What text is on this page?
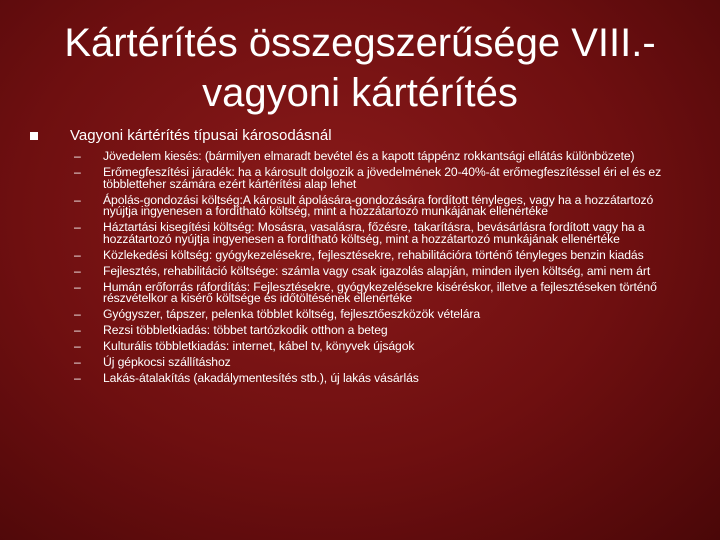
Kártérítés összegszerűsége VIII.-
vagyoni kártérítés
Vagyoni kártérítés típusai károsodásnál
– Jövedelem kiesés: (bármilyen elmaradt bevétel és a kapott táppénz rokkantsági ellátás különbözete)
– Erőmegfeszítési járadék: ha a károsult dolgozik a jövedelmének 20-40%-át erőmegfeszítéssel éri el és ez többletteher számára ezért kártérítési alap lehet
– Ápolás-gondozási költség:A károsult ápolására-gondozására fordított tényleges, vagy ha a hozzátartozó nyújtja ingyenesen a fordítható költség, mint a hozzátartozó munkájának ellenértéke
– Háztartási kisegítési költség: Mosásra, vasalásra, főzésre, takarításra, bevásárlásra fordított vagy ha a hozzátartozó nyújtja ingyenesen a fordítható költség, mint a hozzátartozó munkájának ellenértéke
– Közlekedési költség: gyógykezelésekre, fejlesztésekre, rehabilitációra történő tényleges benzin kiadás
– Fejlesztés, rehabilitáció költsége: számla vagy csak igazolás alapján, minden ilyen költség, ami nem árt
– Humán erőforrás ráfordítás: Fejlesztésekre, gyógykezelésekre kiséréskor, illetve a fejlesztéseken történő részvételkor a kisérő költsége és időtöltésének ellenértéke
– Gyógyszer, tápszer, pelenka többlet költség, fejlesztőeszközök vételára
– Rezsi többletkiadás: többet tartózkodik otthon a beteg
– Kulturális többletkiadás: internet, kábel tv, könyvek újságok
– Új gépkocsi szállításhoz
– Lakás-átalakítás (akadálymentesítés stb.), új lakás vásárlás
